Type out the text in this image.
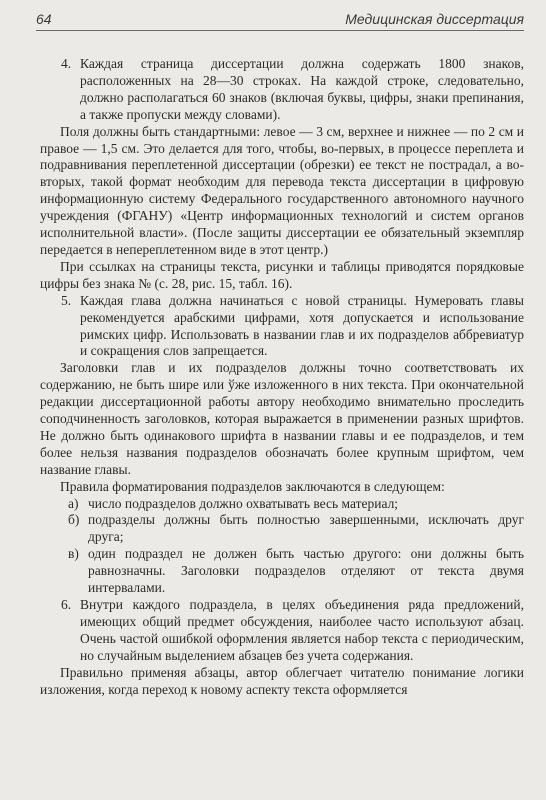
64	Медицинская диссертация
4. Каждая страница диссертации должна содержать 1800 знаков, расположенных на 28—30 строках. На каждой строке, следовательно, должно располагаться 60 знаков (включая буквы, цифры, знаки препинания, а также пропуски между словами).

Поля должны быть стандартными: левое — 3 см, верхнее и нижнее — по 2 см и правое — 1,5 см. Это делается для того, чтобы, во-первых, в процессе переплета и подравнивания переплетенной диссертации (обрезки) ее текст не пострадал, а во-вторых, такой формат необходим для перевода текста диссертации в цифровую информационную систему Федерального государственного автономного научного учреждения (ФГАНУ) «Центр информационных технологий и систем органов исполнительной власти». (После защиты диссертации ее обязательный экземпляр передается в непереплетенном виде в этот центр.)

При ссылках на страницы текста, рисунки и таблицы приводятся порядковые цифры без знака № (с. 28, рис. 15, табл. 16).

5. Каждая глава должна начинаться с новой страницы. Нумеровать главы рекомендуется арабскими цифрами, хотя допускается и использование римских цифр. Использовать в названии глав и их подразделов аббревиатур и сокращения слов запрещается.

Заголовки глав и их подразделов должны точно соответствовать их содержанию, не быть шире или ўже изложенного в них текста. При окончательной редакции диссертационной работы автору необходимо внимательно проследить соподчиненность заголовков, которая выражается в применении разных шрифтов. Не должно быть одинакового шрифта в названии главы и ее подразделов, и тем более нельзя названия подразделов обозначать более крупным шрифтом, чем название главы.

Правила форматирования подразделов заключаются в следующем:

а) число подразделов должно охватывать весь материал;
б) подразделы должны быть полностью завершенными, исключать друг друга;
в) один подраздел не должен быть частью другого: они должны быть равнозначны. Заголовки подразделов отделяют от текста двумя интервалами.
6. Внутри каждого подраздела, в целях объединения ряда предложений, имеющих общий предмет обсуждения, наиболее часто используют абзац. Очень частой ошибкой оформления является набор текста с периодическим, но случайным выделением абзацев без учета содержания.

Правильно применяя абзацы, автор облегчает читателю понимание логики изложения, когда переход к новому аспекту текста оформляется
